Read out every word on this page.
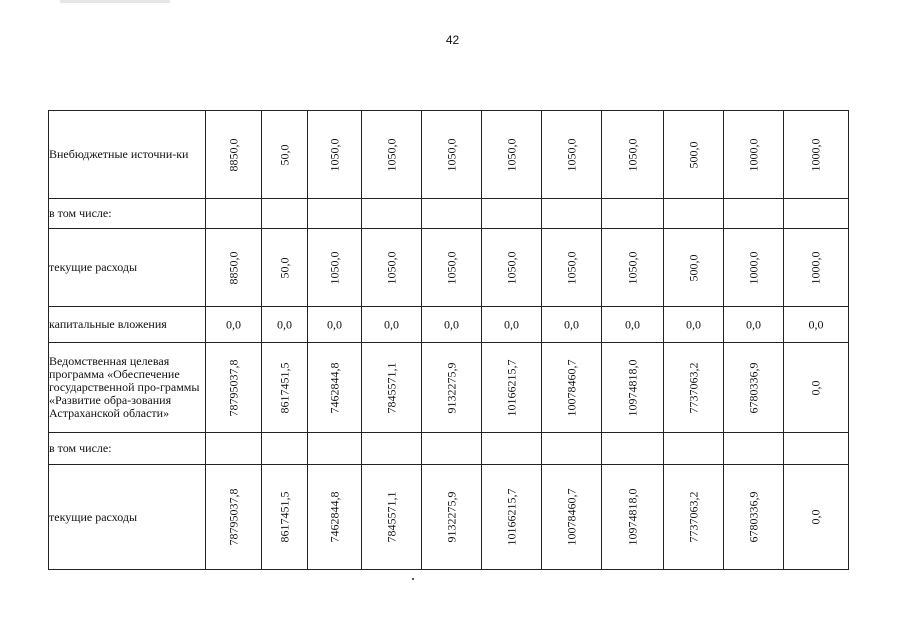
42
Внебюджетные источни-ки	8850,0	50,0	1050,0	1050,0	1050,0	1050,0	1050,0	1050,0	500,0	1000,0	1000,0

в том числе:											
текущие расходы	8850,0	50,0	1050,0	1050,0	1050,0	1050,0	1050,0	1050,0	500,0	1000,0	1000,0

капитальные вложения	0,0	0,0	0,0	0,0	0,0	0,0	0,0	0,0	0,0	0,0	0,0

Ведомственная целевая программа «Обеспечение государственной про-граммы «Развитие обра-зования Астраханской области»	78795037,8	8617451,5	7462844,8	7845571,1	9132275,9	10166215,7	10078460,7	10974818,0	7737063,2	6780336,9	0,0

в том числе:											
текущие расходы	78795037,8	8617451,5	7462844,8	7845571,1	9132275,9	10166215,7	10078460,7	10974818,0	7737063,2	6780336,9	0,0
